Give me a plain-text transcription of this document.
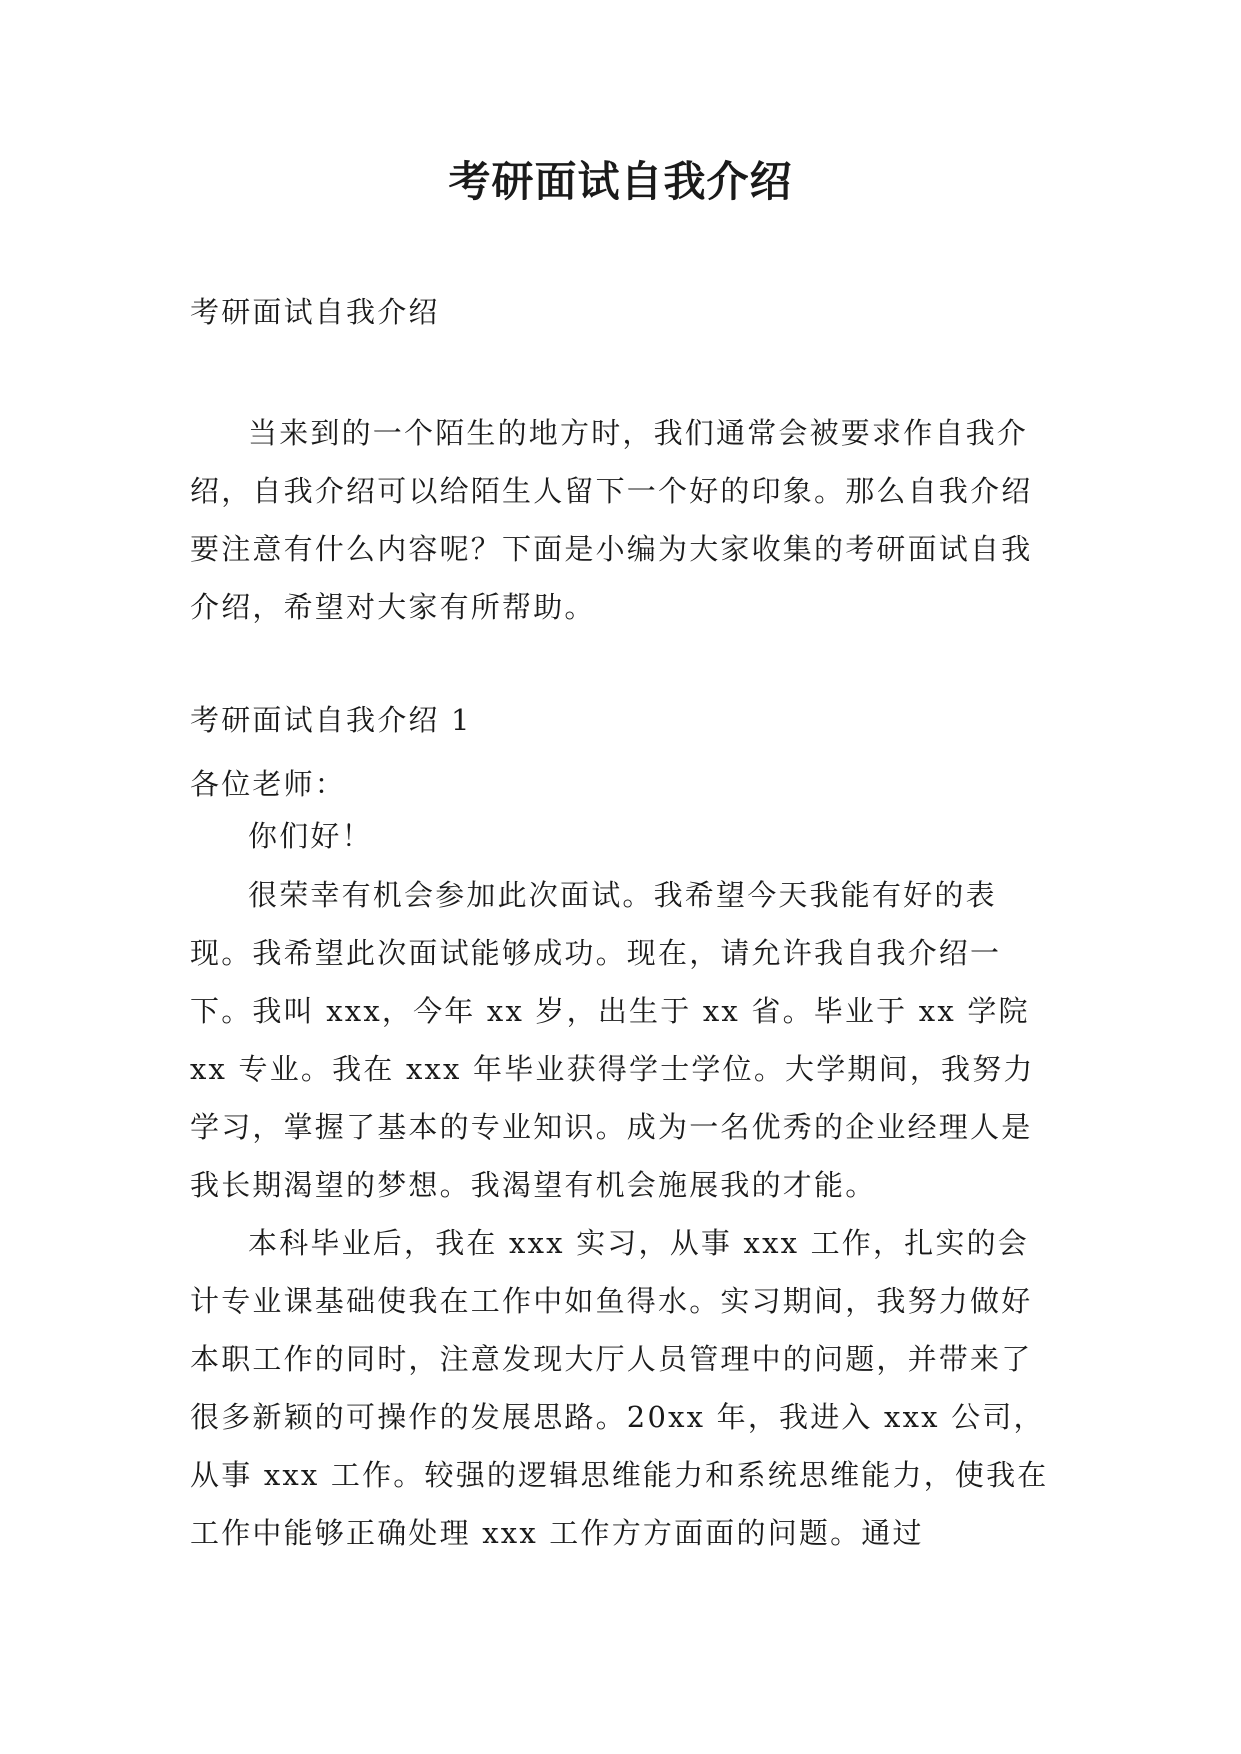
考研面试自我介绍
考研面试自我介绍

当来到的一个陌生的地方时，我们通常会被要求作自我介绍，自我介绍可以给陌生人留下一个好的印象。那么自我介绍要注意有什么内容呢？下面是小编为大家收集的考研面试自我介绍，希望对大家有所帮助。

考研面试自我介绍 1
各位老师：
你们好！

很荣幸有机会参加此次面试。我希望今天我能有好的表现。我希望此次面试能够成功。现在，请允许我自我介绍一下。我叫 xxx，今年 xx 岁，出生于 xx 省。毕业于 xx 学院 xx 专业。我在 xxx 年毕业获得学士学位。大学期间，我努力学习，掌握了基本的专业知识。成为一名优秀的企业经理人是我长期渴望的梦想。我渴望有机会施展我的才能。

本科毕业后，我在 xxx 实习，从事 xxx 工作，扎实的会计专业课基础使我在工作中如鱼得水。实习期间，我努力做好本职工作的同时，注意发现大厅人员管理中的问题，并带来了很多新颖的可操作的发展思路。20xx 年，我进入 xxx 公司，从事 xxx 工作。较强的逻辑思维能力和系统思维能力，使我在工作中能够正确处理 xxx 工作方方面面的问题。通过
